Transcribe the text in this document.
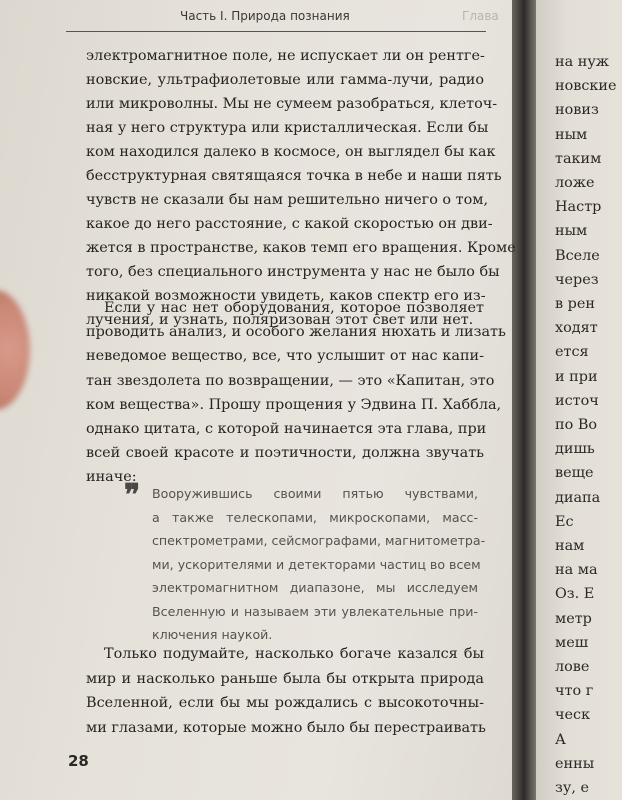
на нуж
новские
новиз
ным
таким
ложе
Настр
ным
Вселе
через
в рен
ходят
ется
и при
источ
по Во
дишь
веще
диапа
Ес
нам
на ма
Оз. Е
метр
меш
лове
что г
ческ
А
енны
зу, е
Глава
Часть I. Природа познания
электромагнитное поле, не испускает ли он рентге-
новские, ультрафиолетовые или гамма-лучи, радио
или микроволны. Мы не сумеем разобраться, клеточ-
ная у него структура или кристаллическая. Если бы
ком находился далеко в космосе, он выглядел бы как
бесструктурная святящаяся точка в небе и наши пять
чувств не сказали бы нам решительно ничего о том,
какое до него расстояние, с какой скоростью он дви-
жется в пространстве, каков темп его вращения. Кроме
того, без специального инструмента у нас не было бы
никакой возможности увидеть, каков спектр его из-
лучения, и узнать, поляризован этот свет или нет.
Если у нас нет оборудования, которое позволяет
проводить анализ, и особого желания нюхать и лизать
неведомое вещество, все, что услышит от нас капи-
тан звездолета по возвращении, — это «Капитан, это
ком вещества». Прошу прощения у Эдвина П. Хаббла,
однако цитата, с которой начинается эта глава, при
всей своей красоте и поэтичности, должна звучать
иначе:
❞ Вооружившись своими пятью чувствами,
а также телескопами, микроскопами, масс-
спектрометрами, сейсмографами, магнитометра-
ми, ускорителями и детекторами частиц во всем
электромагнитном диапазоне, мы исследуем
Вселенную и называем эти увлекательные при-
ключения наукой.
Только подумайте, насколько богаче казался бы
мир и насколько раньше была бы открыта природа
Вселенной, если бы мы рождались с высокоточны-
ми глазами, которые можно было бы перестраивать
28
